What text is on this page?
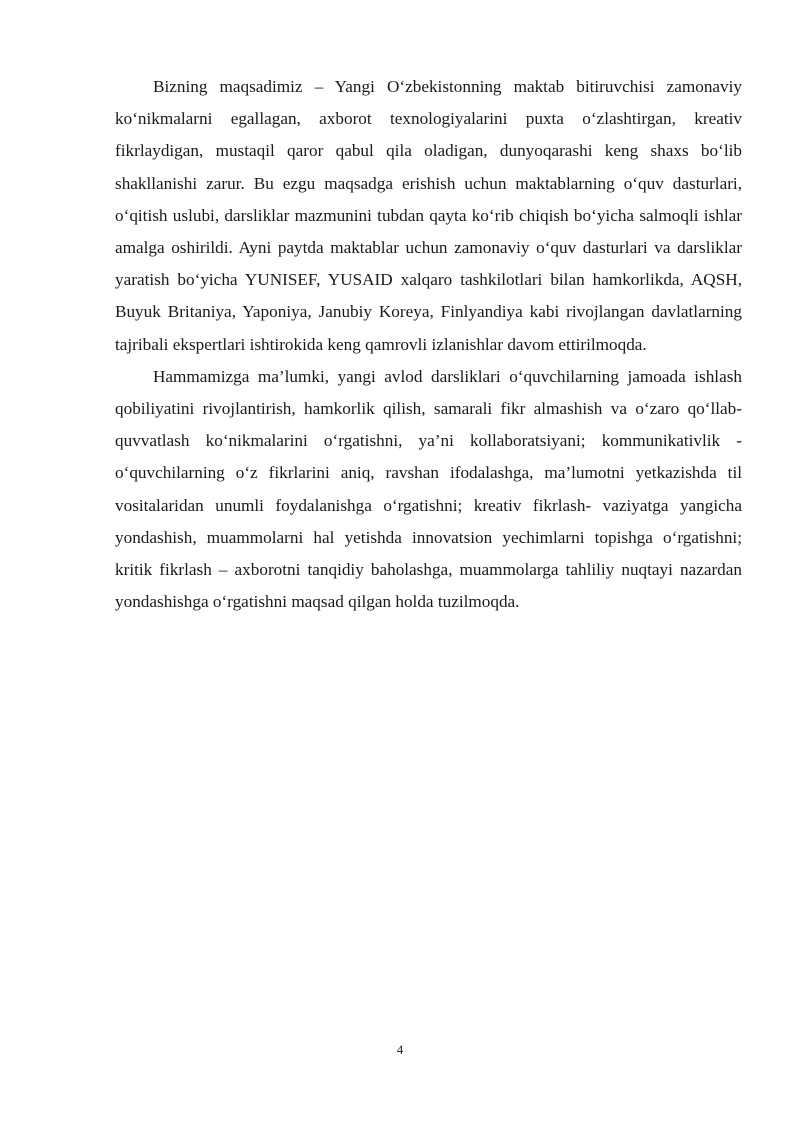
Bizning maqsadimiz – Yangi O‘zbekistonning maktab bitiruvchisi zamonaviy ko‘nikmalarni egallagan, axborot texnologiyalarini puxta o‘zlashtirgan, kreativ fikrlaydigan, mustaqil qaror qabul qila oladigan, dunyoqarashi keng shaxs bo‘lib shakllanishi zarur. Bu ezgu maqsadga erishish uchun maktablarning o‘quv dasturlari, o‘qitish uslubi, darsliklar mazmunini tubdan qayta ko‘rib chiqish bo‘yicha salmoqli ishlar amalga oshirildi. Ayni paytda maktablar uchun zamonaviy o‘quv dasturlari va darsliklar yaratish bo‘yicha YUNISEF, YUSAID xalqaro tashkilotlari bilan hamkorlikda, AQSH, Buyuk Britaniya, Yaponiya, Janubiy Koreya, Finlyandiya kabi rivojlangan davlatlarning tajribali ekspertlari ishtirokida keng qamrovli izlanishlar davom ettirilmoqda.

Hammamizga ma’lumki, yangi avlod darsliklari o‘quvchilarning jamoada ishlash qobiliyatini rivojlantirish, hamkorlik qilish, samarali fikr almashish va o‘zaro qo‘llab-quvvatlash ko‘nikmalarini o‘rgatishni, ya’ni kollaboratsiyani; kommunikativlik - o‘quvchilarning o‘z fikrlarini aniq, ravshan ifodalashga, ma’lumotni yetkazishda til vositalaridan unumli foydalanishga o‘rgatishni; kreativ fikrlash- vaziyatga yangicha yondashish, muammolarni hal yetishda innovatsion yechimlarni topishga o‘rgatishni; kritik fikrlash – axborotni tanqidiy baholashga, muammolarga tahliliy nuqtayi nazardan yondashishga o‘rgatishni maqsad qilgan holda tuzilmoqda.

4
